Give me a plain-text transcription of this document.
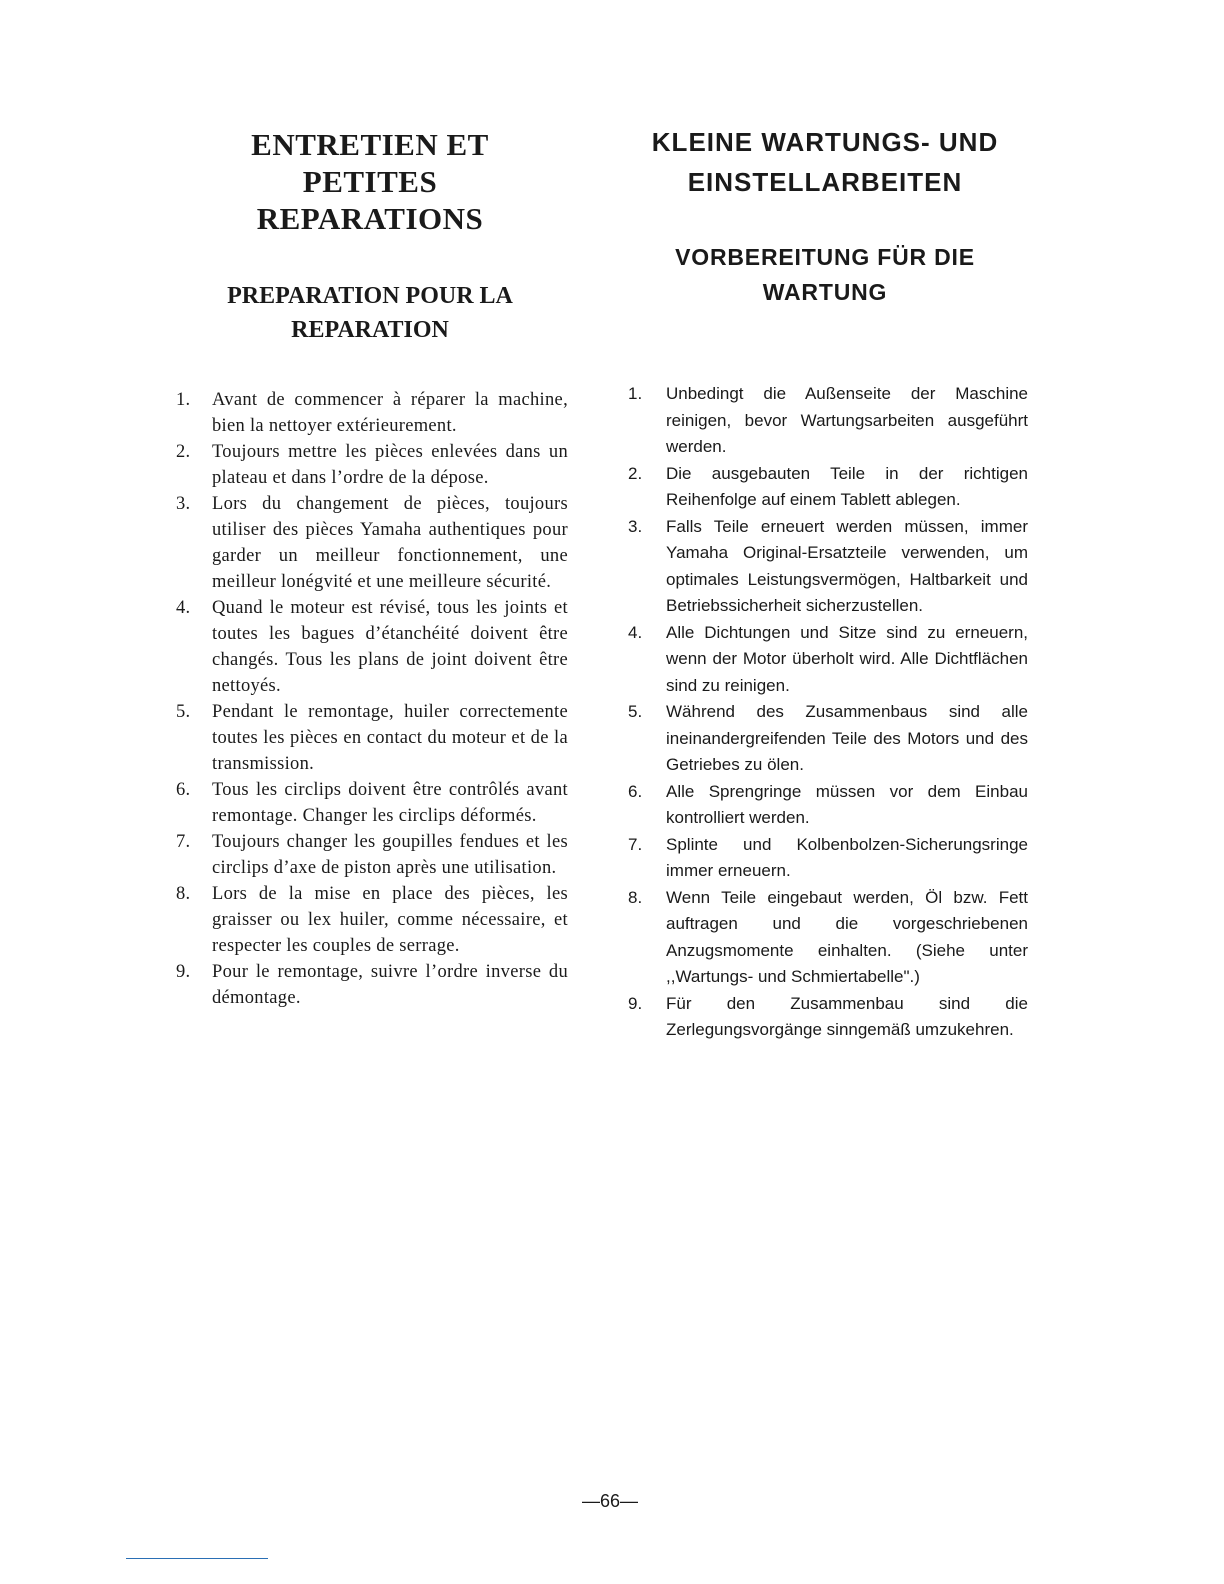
ENTRETIEN ET PETITES REPARATIONS
PREPARATION POUR LA REPARATION
KLEINE WARTUNGS- UND EINSTELLARBEITEN
VORBEREITUNG FÜR DIE WARTUNG
1. Avant de commencer à réparer la machine, bien la nettoyer extérieurement.
2. Toujours mettre les pièces enlevées dans un plateau et dans l’ordre de la dépose.
3. Lors du changement de pièces, toujours utiliser des pièces Yamaha authentiques pour garder un meilleur fonctionnement, une meilleur lonégvité et une meilleure sécurité.
4. Quand le moteur est révisé, tous les joints et toutes les bagues d’étanchéité doivent être changés. Tous les plans de joint doivent être nettoyés.
5. Pendant le remontage, huiler correctemente toutes les pièces en contact du moteur et de la transmission.
6. Tous les circlips doivent être contrôlés avant remontage. Changer les circlips déformés.
7. Toujours changer les goupilles fendues et les circlips d’axe de piston après une utilisation.
8. Lors de la mise en place des pièces, les graisser ou lex huiler, comme nécessaire, et respecter les couples de serrage.
9. Pour le remontage, suivre l’ordre inverse du démontage.
1. Unbedingt die Außenseite der Maschine reinigen, bevor Wartungsarbeiten ausgeführt werden.
2. Die ausgebauten Teile in der richtigen Reihenfolge auf einem Tablett ablegen.
3. Falls Teile erneuert werden müssen, immer Yamaha Original-Ersatzteile verwenden, um optimales Leistungsvermögen, Haltbarkeit und Betriebssicherheit sicherzustellen.
4. Alle Dichtungen und Sitze sind zu erneuern, wenn der Motor überholt wird. Alle Dichtflächen sind zu reinigen.
5. Während des Zusammenbaus sind alle ineinandergreifenden Teile des Motors und des Getriebes zu ölen.
6. Alle Sprengringe müssen vor dem Einbau kontrolliert werden.
7. Splinte und Kolbenbolzen-Sicherungsringe immer erneuern.
8. Wenn Teile eingebaut werden, Öl bzw. Fett auftragen und die vorgeschriebenen Anzugsmomente einhalten. (Siehe unter ,,Wartungs- und Schmiertabelle".)
9. Für den Zusammenbau sind die Zerlegungsvorgänge sinngemäß umzukehren.
—66—
